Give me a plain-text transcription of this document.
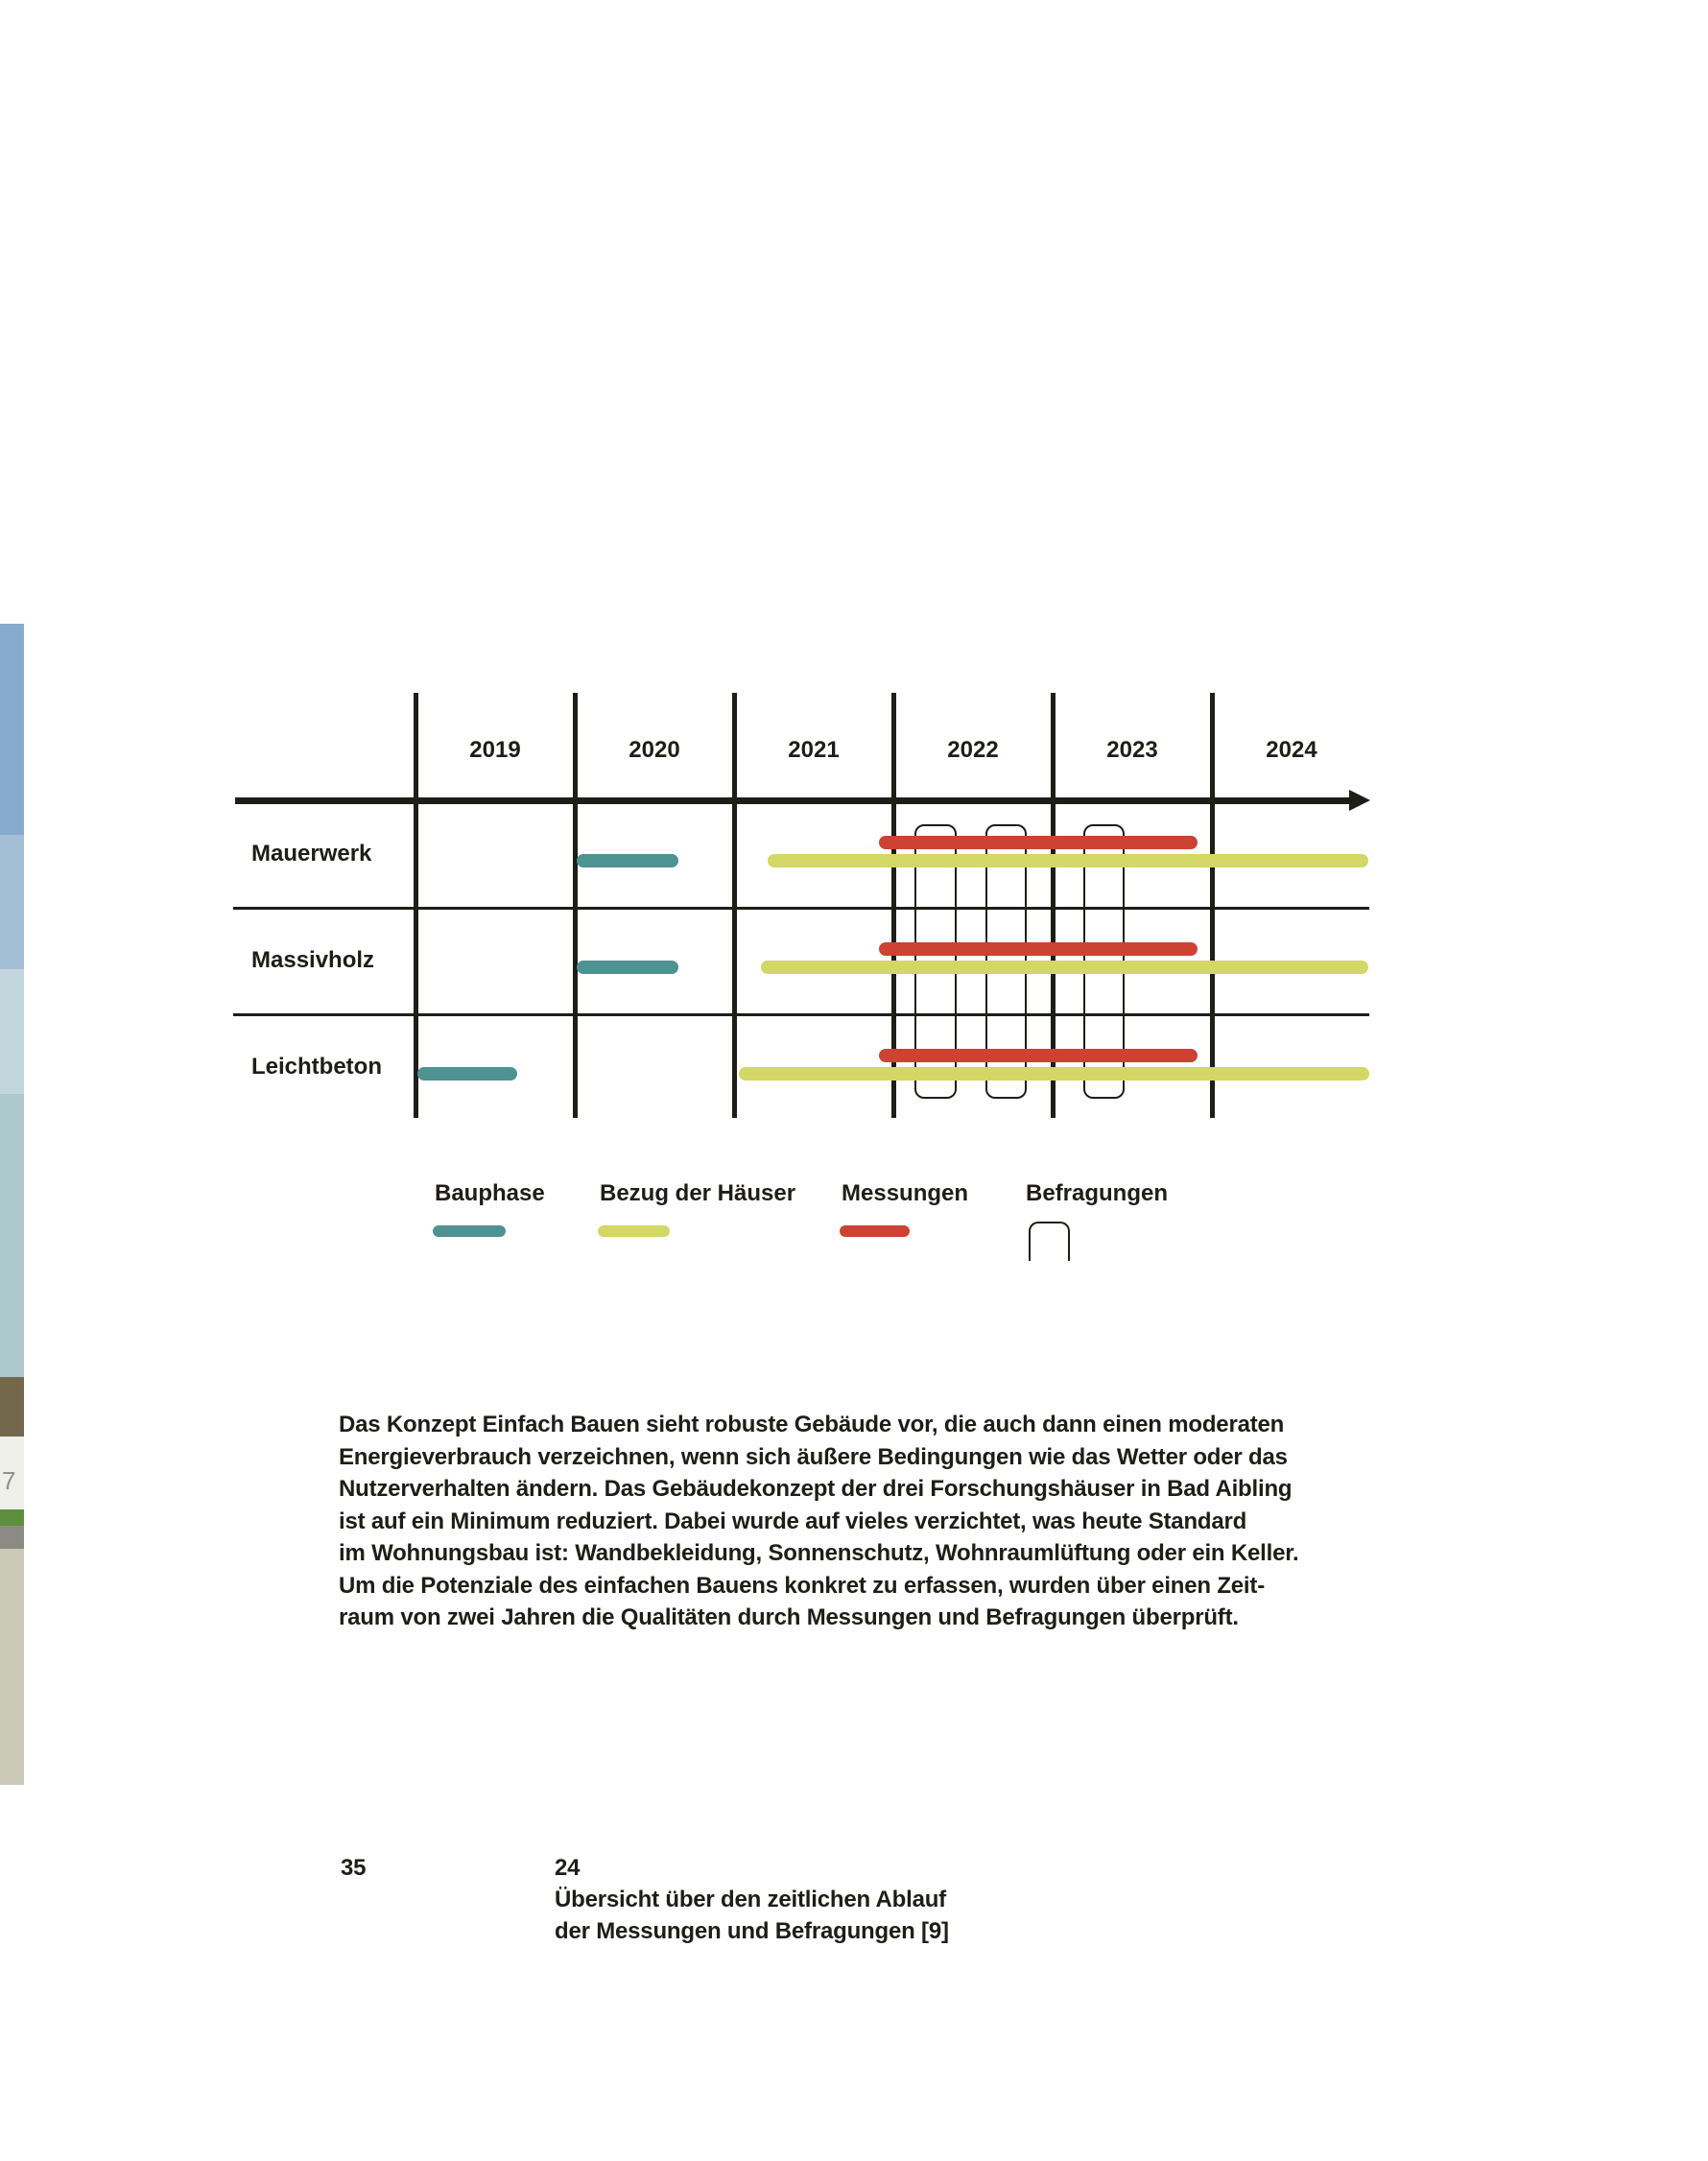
7
2019	2020	2021	2022	2023	2024
Mauerwerk
Massivholz
Leichtbeton
Bauphase Bezug der Häuser Messungen Befragungen
Das Konzept Einfach Bauen sieht robuste Gebäude vor, die auch dann einen moderaten
Energieverbrauch verzeichnen, wenn sich äußere Bedingungen wie das Wetter oder das
Nutzerverhalten ändern. Das Gebäudekonzept der drei Forschungshäuser in Bad Aibling
ist auf ein Minimum reduziert. Dabei wurde auf vieles verzichtet, was heute Standard
im Wohnungsbau ist: Wandbekleidung, Sonnenschutz, Wohnraumlüftung oder ein Keller.
Um die Potenziale des einfachen Bauens konkret zu erfassen, wurden über einen Zeit-
raum von zwei Jahren die Qualitäten durch Messungen und Befragungen überprüft.
35	24
Übersicht über den zeitlichen Ablauf
der Messungen und Befragungen [9]
